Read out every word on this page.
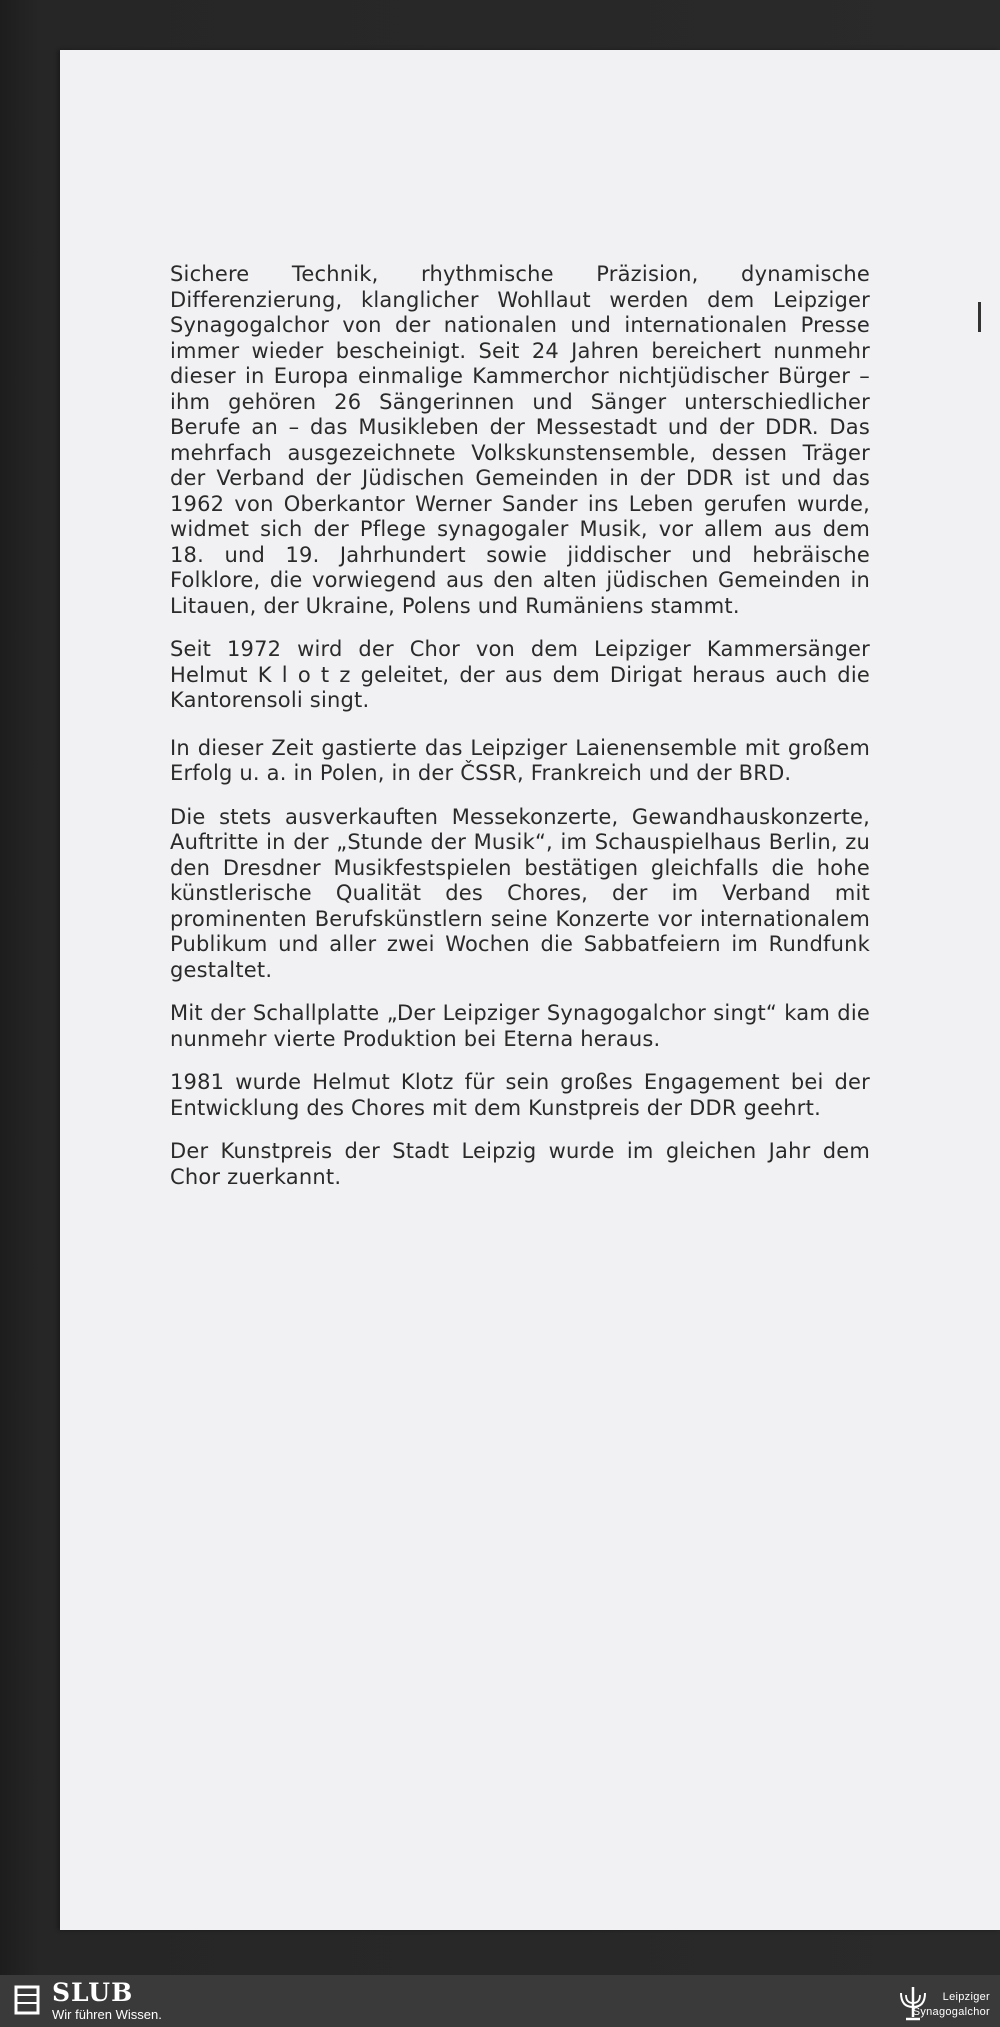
Sichere Technik, rhythmische Präzision, dynamische Differenzierung, klanglicher Wohllaut werden dem Leipziger Synagogalchor von der nationalen und internationalen Presse immer wieder bescheinigt. Seit 24 Jahren bereichert nunmehr dieser in Europa einmalige Kammerchor nichtjüdischer Bürger – ihm gehören 26 Sängerinnen und Sänger unterschiedlicher Berufe an – das Musikleben der Messestadt und der DDR. Das mehrfach ausgezeichnete Volkskunstensemble, dessen Träger der Verband der Jüdischen Gemeinden in der DDR ist und das 1962 von Oberkantor Werner Sander ins Leben gerufen wurde, widmet sich der Pflege synagogaler Musik, vor allem aus dem 18. und 19. Jahrhundert sowie jiddischer und hebräische Folklore, die vorwiegend aus den alten jüdischen Gemeinden in Litauen, der Ukraine, Polens und Rumäniens stammt.

Seit 1972 wird der Chor von dem Leipziger Kammersänger Helmut K l o t z geleitet, der aus dem Dirigat heraus auch die Kantorensoli singt.

In dieser Zeit gastierte das Leipziger Laienensemble mit großem Erfolg u. a. in Polen, in der ČSSR, Frankreich und der BRD.

Die stets ausverkauften Messekonzerte, Gewandhauskonzerte, Auftritte in der „Stunde der Musik“, im Schauspielhaus Berlin, zu den Dresdner Musikfestspielen bestätigen gleichfalls die hohe künstlerische Qualität des Chores, der im Verband mit prominenten Berufskünstlern seine Konzerte vor internationalem Publikum und aller zwei Wochen die Sabbatfeiern im Rundfunk gestaltet.

Mit der Schallplatte „Der Leipziger Synagogalchor singt“ kam die nunmehr vierte Produktion bei Eterna heraus.

1981 wurde Helmut Klotz für sein großes Engagement bei der Entwicklung des Chores mit dem Kunstpreis der DDR geehrt.

Der Kunstpreis der Stadt Leipzig wurde im gleichen Jahr dem Chor zuerkannt.

SLUB
Wir führen Wissen.
Leipziger
Synagogalchor
